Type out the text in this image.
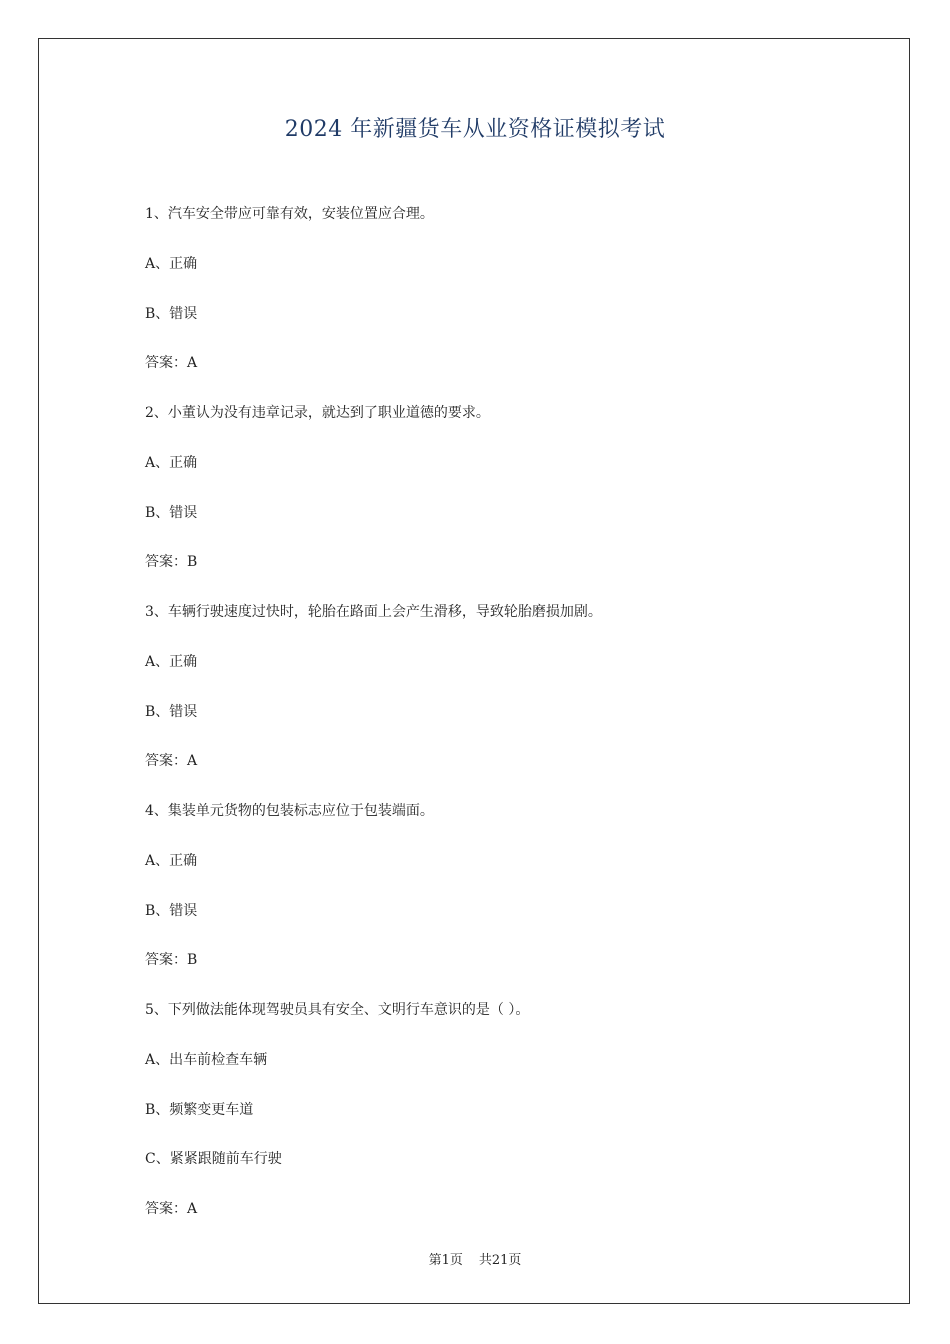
2024 年新疆货车从业资格证模拟考试
1、汽车安全带应可靠有效，安装位置应合理。
A、正确
B、错误
答案：A
2、小董认为没有违章记录，就达到了职业道德的要求。
A、正确
B、错误
答案：B
3、车辆行驶速度过快时，轮胎在路面上会产生滑移，导致轮胎磨损加剧。
A、正确
B、错误
答案：A
4、集装单元货物的包装标志应位于包装端面。
A、正确
B、错误
答案：B
5、下列做法能体现驾驶员具有安全、文明行车意识的是（ ）。
A、出车前检查车辆
B、频繁变更车道
C、紧紧跟随前车行驶
答案：A
第1页 共21页
